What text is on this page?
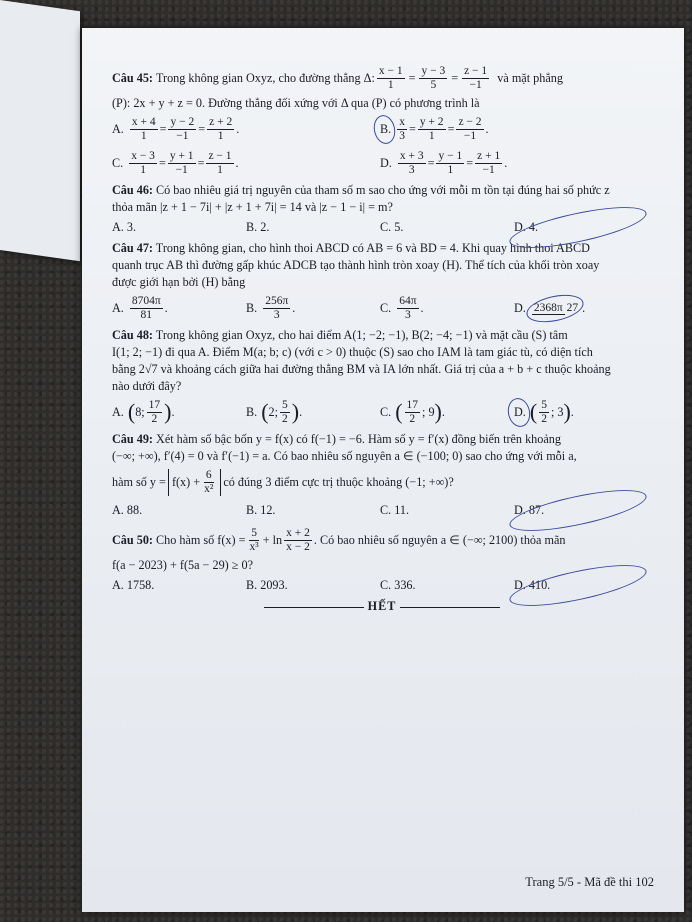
Câu 45:
Trong không gian Oxyz, cho đường thẳng Δ: $\frac{x - 1}{1} = \frac{y - 3}{5} = \frac{z - 1}{-1}$
và mặt phẳng
(P): 2x + y + z = 0. Đường thẳng đối xứng với Δ qua (P) có phương trình là
A. x + 4
1 = y − 2
−1 = z + 2
1 .	B. x
3 = y + 2
1 = z − 2
−1 .
C. x − 3
1 = y + 1
−1 = z − 1
1 .	D. x + 3
3 = y − 1
1 = z + 1
−1 .
Câu 46: Có bao nhiêu giá trị nguyên của tham số m sao cho ứng với mỗi m tồn tại đúng hai số phức z
thỏa mãn |z + 1 − 7i| + |z + 1 + 7i| = 14 và |z − 1 − i| = m?
A. 3.	B. 2.	C. 5.	D. 4.
Câu 47: Trong không gian, cho hình thoi ABCD có AB = 6 và BD = 4. Khi quay hình thoi ABCD
quanh trục AB thì đường gấp khúc ADCB tạo thành hình tròn xoay (H). Thể tích của khối tròn xoay
được giới hạn bởi (H) bằng
A. 8704π
81 .	B. 256π
3 .	C. 64π
3 .	D. 2368π 27 .
Câu 48: Trong không gian Oxyz, cho hai điểm A(1; −2; −1), B(2; −4; −1) và mặt cầu (S) tâm
I(1; 2; −1) đi qua A. Điểm M(a; b; c) (với c > 0) thuộc (S) sao cho IAM là tam giác tù, có diện tích
bằng 2√7 và khoảng cách giữa hai đường thẳng BM và IA lớn nhất. Giá trị của a + b + c thuộc khoảng
nào dưới đây?
A. ( 8; 17
2 ) .	B. ( 2; 5
2 ) .	C. ( 17
2 ; 9 ) .	D. ( 5
2 ; 3 ) .
Câu 49: Xét hàm số bậc bốn y = f(x) có f(−1) = −6. Hàm số y = f′(x) đồng biến trên khoảng
(−∞; +∞), f′(4) = 0 và f′(−1) = a. Có bao nhiêu số nguyên a ∈ (−100; 0) sao cho ứng với mỗi a,
hàm số $y = f(x) + \frac{6}{\text{x²}}$ có đúng 3 điểm cực trị thuộc khoảng (−1; +∞)?
A. 88.	B. 12.	C. 11.	D. 87.
Câu 50:
Cho hàm số $f(x) = \frac{5}{\text{x³}} + \ln x + 2$
x − 2 . Có bao nhiêu số nguyên a ∈ (−∞; 2100) thỏa mãn
f(a − 2023) + f(5a − 29) ≥ 0?
A. 1758.	B. 2093.	C. 336.	D. 410.
HẾT
Trang 5/5 - Mã đề thi 102
